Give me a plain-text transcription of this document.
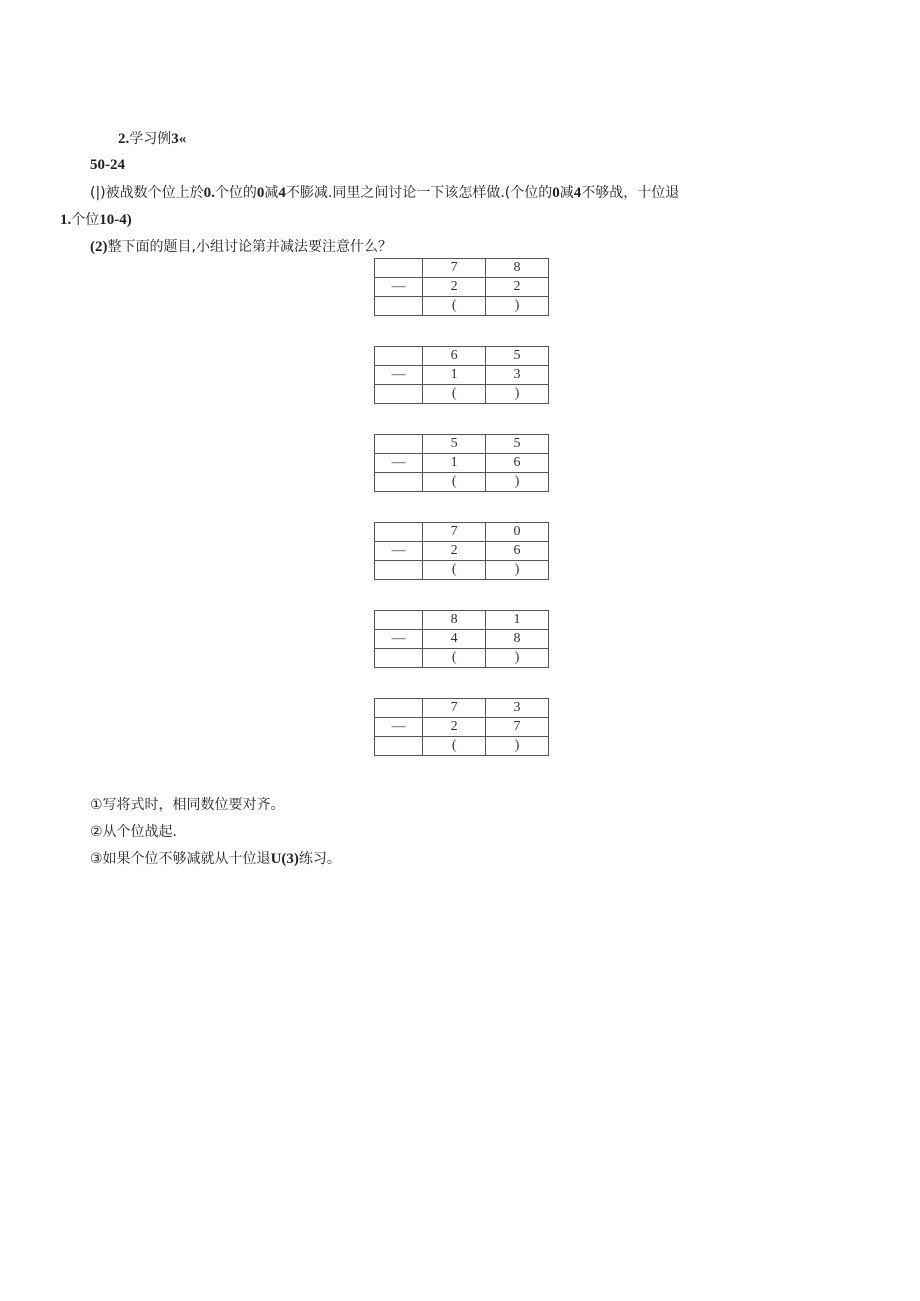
2.学习例3«
50-24
(|)被战数个位上於0.个位的0减4不膨减.同里之间讨论一下该怎样做.(个位的0减4不够战，十位退
1.个位10-4)
(2)整下面的题目,小组讨论第并减法要注意什么？
	7	8
—	2	2
	(	)
	6	5
—	1	3
	(	)
	5	5
—	1	6
	(	)
	7	0
—	2	6
	(	)
	8	1
—	4	8
	(	)
	7	3
—	2	7
	(	)
①写将式时，相同数位要对齐。
②从个位战起.
③如果个位不够减就从十位退U(3)练习。
